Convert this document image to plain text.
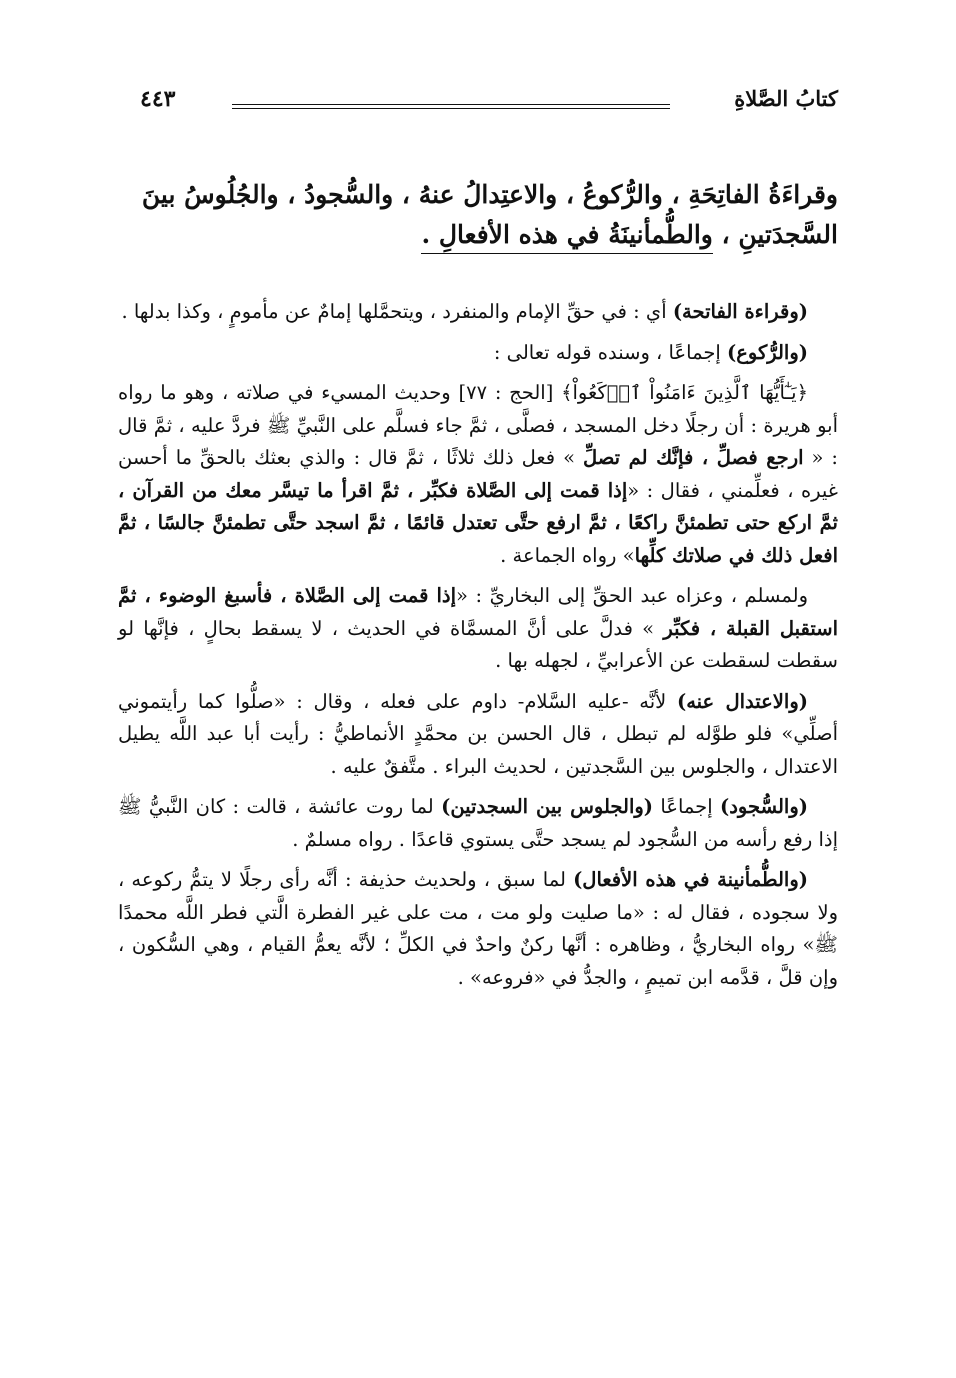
كتابُ الصَّلاةِ
٤٤٣
وقراءَةُ الفاتِحَةِ ، والرُّكوعُ ، والاعتِدالُ عنهُ ، والسُّجودُ ، والجُلُوسُ بينَ
السَّجدَتينِ ، والطُّمأنينَةُ في هذه الأفعالِ .

(وقراءة الفاتحة) أي : في حقِّ الإمام والمنفرد ، ويتحمَّلها إمامٌ عن مأمومٍ ، وكذا بدلها .

(والرُّكوع) إجماعًا ، وسنده قوله تعالى :

﴿يَـٰٓأَيُّهَا ٱلَّذِينَ ءَامَنُواْ ٱرۡكَعُواْ﴾ [الحج : ٧٧] وحديث المسيء في صلاته ، وهو ما رواه أبو هريرة : أن رجلًا دخل المسجد ، فصلَّى ، ثمَّ جاء فسلَّم على النَّبيِّ ﷺ فردَّ عليه ، ثمَّ قال : « ارجع فصلِّ ، فإنَّك لم تصلِّ » فعل ذلك ثلاثًا ، ثمَّ قال : والذي بعثك بالحقِّ ما أحسن غيره ، فعلِّمني ، فقال : «إذا قمت إلى الصَّلاة فكبِّر ، ثمَّ اقرأ ما تيسَّر معك من القرآن ، ثمَّ اركع حتى تطمئنَّ راكعًا ، ثمَّ ارفع حتَّى تعتدل قائمًا ، ثمَّ اسجد حتَّى تطمئنَّ جالسًا ، ثمَّ افعل ذلك في صلاتك كلِّها» رواه الجماعة .

ولمسلم ، وعزاه عبد الحقِّ إلى البخاريِّ : «إذا قمت إلى الصَّلاة ، فأسبغ الوضوء ، ثمَّ استقبل القبلة ، فكبِّر » فدلَّ على أنَّ المسمَّاة في الحديث ، لا يسقط بحالٍ ، فإنَّها لو سقطت لسقطت عن الأعرابيِّ ، لجهله بها .

(والاعتدال عنه) لأنَّه -عليه السَّلام- داوم على فعله ، وقال : «صلُّوا كما رأيتموني أصلِّي» فلو طوَّله لم تبطل ، قال الحسن بن محمَّدٍ الأنماطيُّ : رأيت أبا عبد اللَّه يطيل الاعتدال ، والجلوس بين السَّجدتين ، لحديث البراء . متَّفقٌ عليه .

(والسُّجود) إجماعًا (والجلوس بين السجدتين) لما روت عائشة ، قالت : كان النَّبيُّ ﷺ إذا رفع رأسه من السُّجود لم يسجد حتَّى يستوي قاعدًا . رواه مسلمٌ .

(والطُّمأنينة في هذه الأفعال) لما سبق ، ولحديث حذيفة : أنَّه رأى رجلًا لا يتمُّ ركوعه ، ولا سجوده ، فقال له : «ما صليت ولو مت ، مت على غير الفطرة الَّتي فطر اللَّه محمدًا ﷺ» رواه البخاريُّ ، وظاهره : أنَّها ركنٌ واحدٌ في الكلِّ ؛ لأنَّه يعمُّ القيام ، وهي السُّكون ، وإن قلَّ ، قدَّمه ابن تميمٍ ، والجدُّ في «فروعه» .
